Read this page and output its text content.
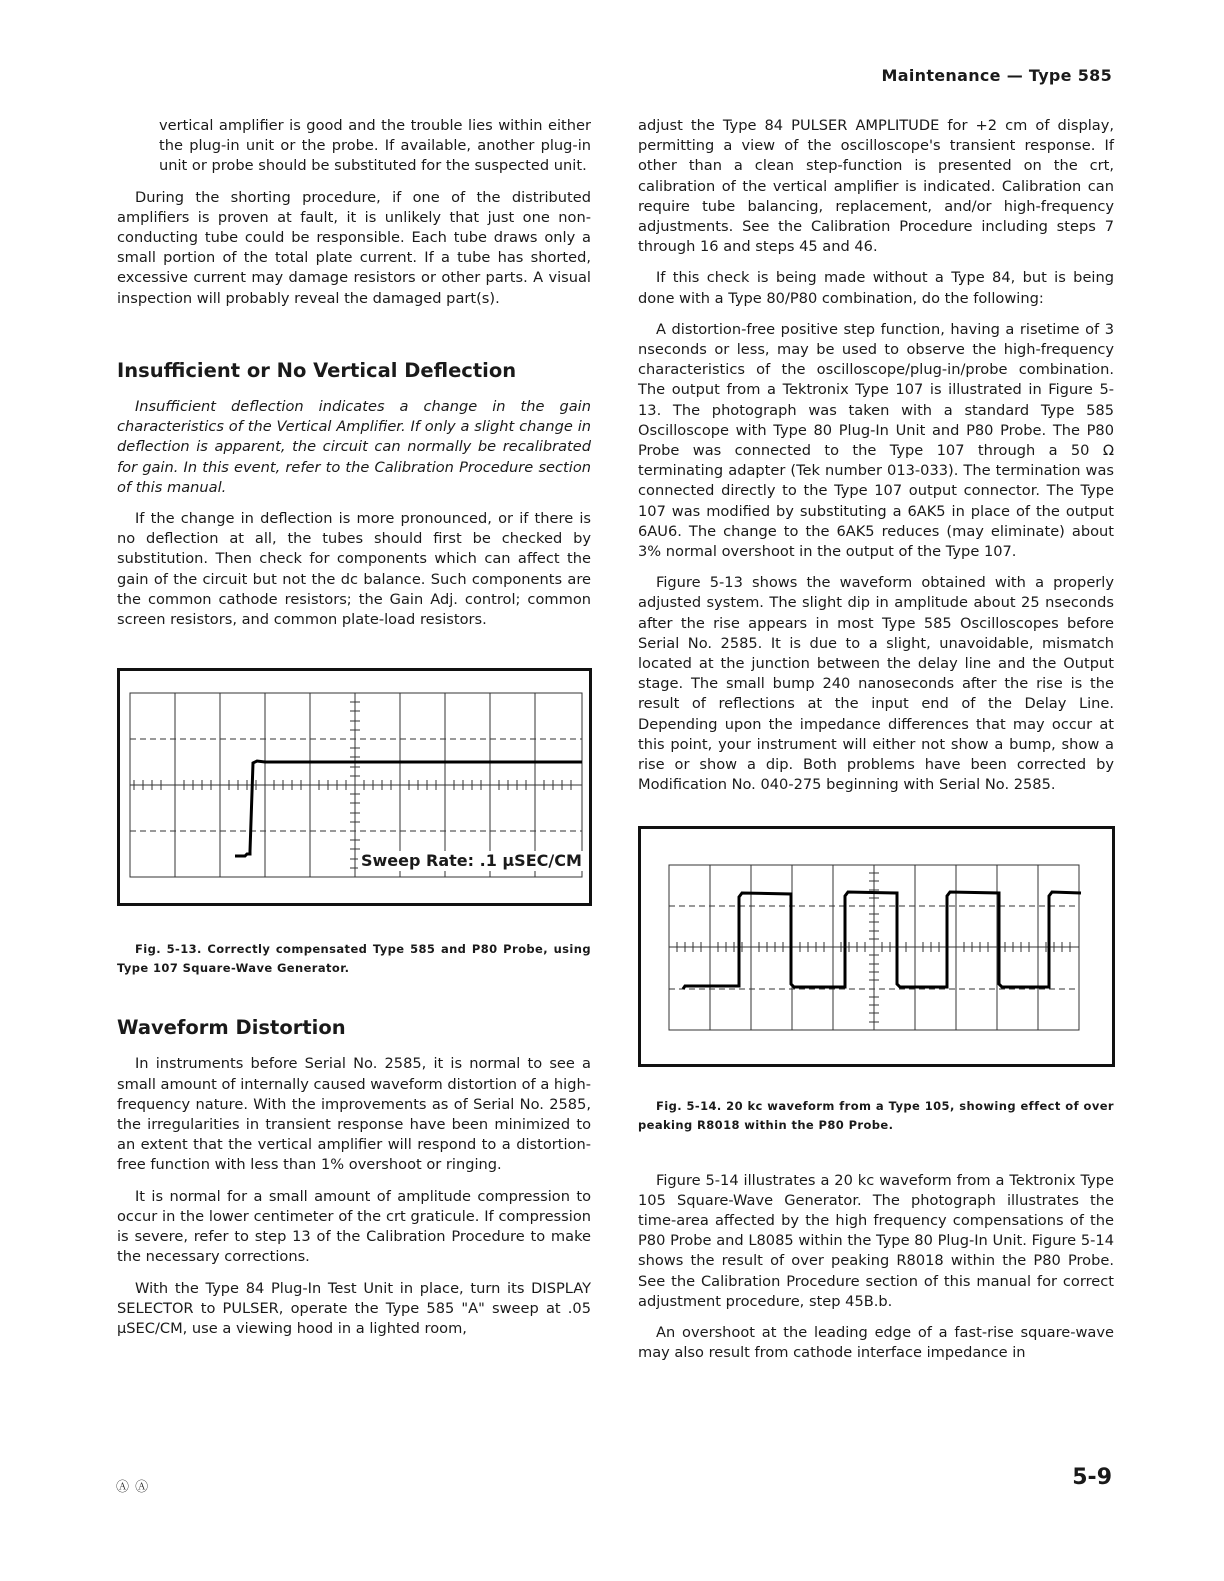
Maintenance — Type 585

vertical amplifier is good and the trouble lies within either the plug-in unit or the probe. If available, another plug-in unit or probe should be substituted for the suspected unit.

During the shorting procedure, if one of the distributed amplifiers is proven at fault, it is unlikely that just one non-conducting tube could be responsible. Each tube draws only a small portion of the total plate current. If a tube has shorted, excessive current may damage resistors or other parts. A visual inspection will probably reveal the damaged part(s).

Insufficient or No Vertical Deflection

Insufficient deflection indicates a change in the gain characteristics of the Vertical Amplifier. If only a slight change in deflection is apparent, the circuit can normally be recalibrated for gain. In this event, refer to the Calibration Procedure section of this manual.

If the change in deflection is more pronounced, or if there is no deflection at all, the tubes should first be checked by substitution. Then check for components which can affect the gain of the circuit but not the dc balance. Such components are the common cathode resistors; the Gain Adj. control; common screen resistors, and common plate-load resistors.

Sweep Rate: .1 µSEC/CM

Fig. 5-13. Correctly compensated Type 585 and P80 Probe, using Type 107 Square-Wave Generator.

Waveform Distortion

In instruments before Serial No. 2585, it is normal to see a small amount of internally caused waveform distortion of a high-frequency nature. With the improvements as of Serial No. 2585, the irregularities in transient response have been minimized to an extent that the vertical amplifier will respond to a distortion-free function with less than 1% overshoot or ringing.

It is normal for a small amount of amplitude compression to occur in the lower centimeter of the crt graticule. If compression is severe, refer to step 13 of the Calibration Procedure to make the necessary corrections.

With the Type 84 Plug-In Test Unit in place, turn its DISPLAY SELECTOR to PULSER, operate the Type 585 "A" sweep at .05 µSEC/CM, use a viewing hood in a lighted room,

adjust the Type 84 PULSER AMPLITUDE for +2 cm of display, permitting a view of the oscilloscope's transient response. If other than a clean step-function is presented on the crt, calibration of the vertical amplifier is indicated. Calibration can require tube balancing, replacement, and/or high-frequency adjustments. See the Calibration Procedure including steps 7 through 16 and steps 45 and 46.

If this check is being made without a Type 84, but is being done with a Type 80/P80 combination, do the following:

A distortion-free positive step function, having a risetime of 3 nseconds or less, may be used to observe the high-frequency characteristics of the oscilloscope/plug-in/probe combination. The output from a Tektronix Type 107 is illustrated in Figure 5-13. The photograph was taken with a standard Type 585 Oscilloscope with Type 80 Plug-In Unit and P80 Probe. The P80 Probe was connected to the Type 107 through a 50 Ω terminating adapter (Tek number 013-033). The termination was connected directly to the Type 107 output connector. The Type 107 was modified by substituting a 6AK5 in place of the output 6AU6. The change to the 6AK5 reduces (may eliminate) about 3% normal overshoot in the output of the Type 107.

Figure 5-13 shows the waveform obtained with a properly adjusted system. The slight dip in amplitude about 25 nseconds after the rise appears in most Type 585 Oscilloscopes before Serial No. 2585. It is due to a slight, unavoidable, mismatch located at the junction between the delay line and the Output stage. The small bump 240 nanoseconds after the rise is the result of reflections at the input end of the Delay Line. Depending upon the impedance differences that may occur at this point, your instrument will either not show a bump, show a rise or show a dip. Both problems have been corrected by Modification No. 040-275 beginning with Serial No. 2585.

Fig. 5-14. 20 kc waveform from a Type 105, showing effect of over peaking R8018 within the P80 Probe.

Figure 5-14 illustrates a 20 kc waveform from a Tektronix Type 105 Square-Wave Generator. The photograph illustrates the time-area affected by the high frequency compensations of the P80 Probe and L8085 within the Type 80 Plug-In Unit. Figure 5-14 shows the result of over peaking R8018 within the P80 Probe. See the Calibration Procedure section of this manual for correct adjustment procedure, step 45B.b.

An overshoot at the leading edge of a fast-rise square-wave may also result from cathode interface impedance in

Ⓐ Ⓐ	5-9
